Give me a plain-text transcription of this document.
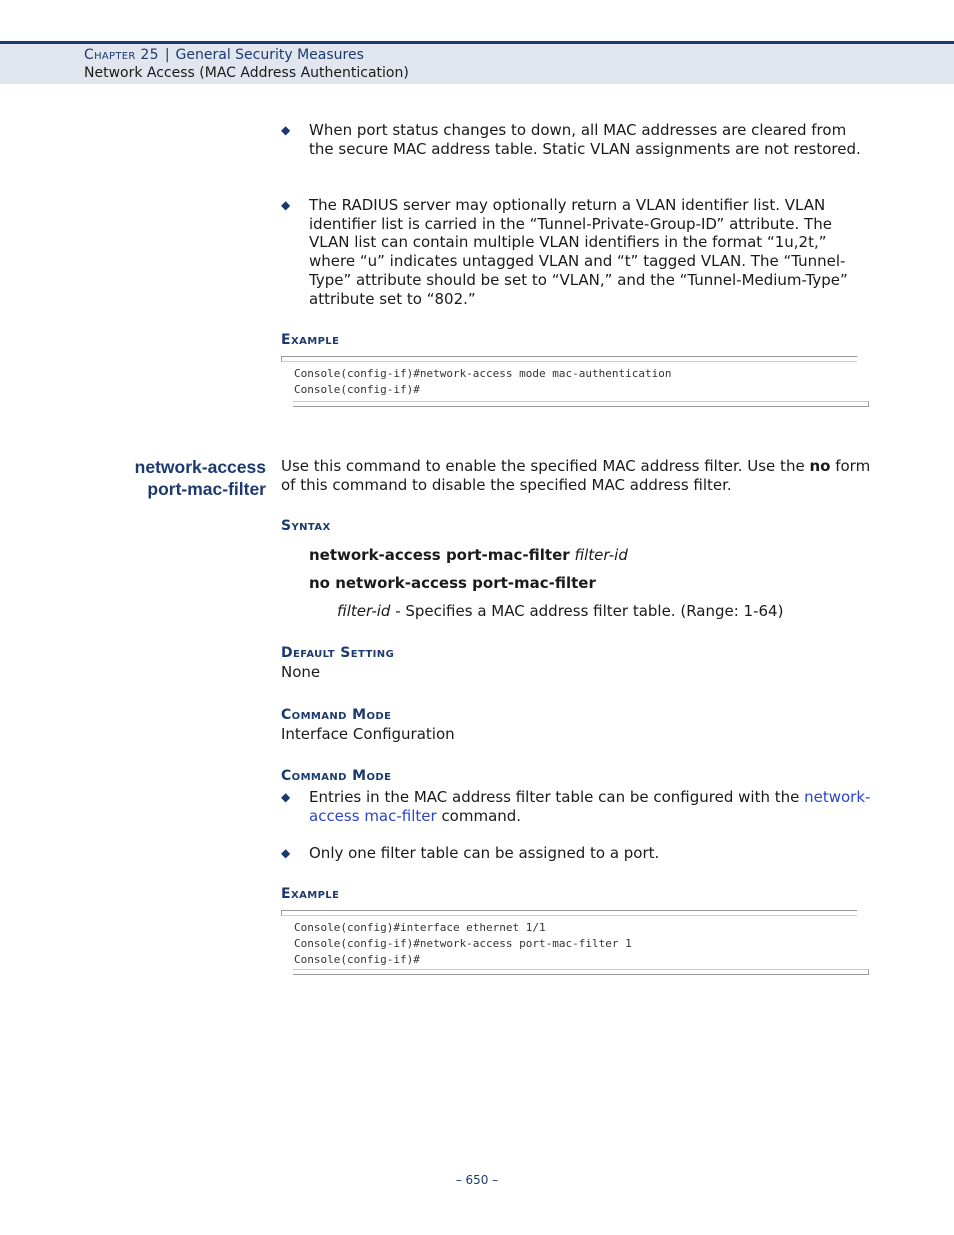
Chapter 25 | General Security Measures
Network Access (MAC Address Authentication)
◆ When port status changes to down, all MAC addresses are cleared from the secure MAC address table. Static VLAN assignments are not restored.
◆ The RADIUS server may optionally return a VLAN identifier list. VLAN identifier list is carried in the “Tunnel-Private-Group-ID” attribute. The VLAN list can contain multiple VLAN identifiers in the format “1u,2t,” where “u” indicates untagged VLAN and “t” tagged VLAN. The “Tunnel-Type” attribute should be set to “VLAN,” and the “Tunnel-Medium-Type” attribute set to “802.”
Example
Console(config-if)#network-access mode mac-authentication
Console(config-if)#
network-access
port-mac-filter
Use this command to enable the specified MAC address filter. Use the no form of this command to disable the specified MAC address filter.
Syntax
network-access port-mac-filter filter-id
no network-access port-mac-filter
filter-id - Specifies a MAC address filter table. (Range: 1-64)
Default Setting
None
Command Mode
Interface Configuration
Command Mode
◆ Entries in the MAC address filter table can be configured with the network-access mac-filter command.
◆ Only one filter table can be assigned to a port.
Example
Console(config)#interface ethernet 1/1
Console(config-if)#network-access port-mac-filter 1
Console(config-if)#
– 650 –
